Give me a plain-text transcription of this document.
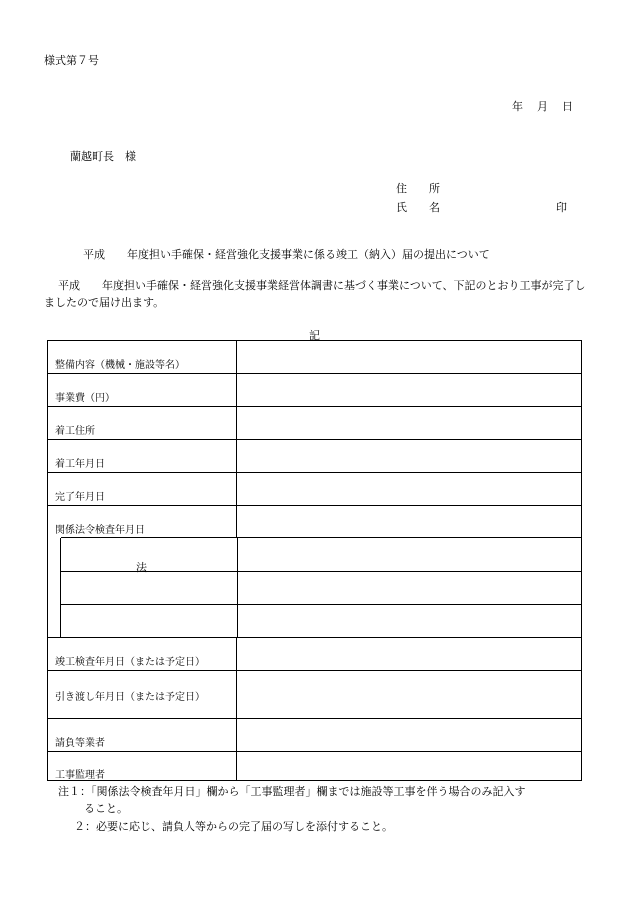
様式第７号
年 月 日
蘭越町長　様
住　　所
氏　　名	印
平成　　年度担い手確保・経営強化支援事業に係る竣工（納入）届の提出について
平成　　年度担い手確保・経営強化支援事業経営体調書に基づく事業について、下記のとおり工事が完了しましたので届け出ます。
記
整備内容（機械・施設等名）
事業費（円）
着工住所
着工年月日
完了年月日
関係法令検査年月日
法
竣工検査年月日（または予定日）
引き渡し年月日（または予定日）
請負等業者
工事監理者
注１：「関係法令検査年月日」欄から「工事監理者」欄までは施設等工事を伴う場合のみ記入す
ること。
２：必要に応じ、請負人等からの完了届の写しを添付すること。
